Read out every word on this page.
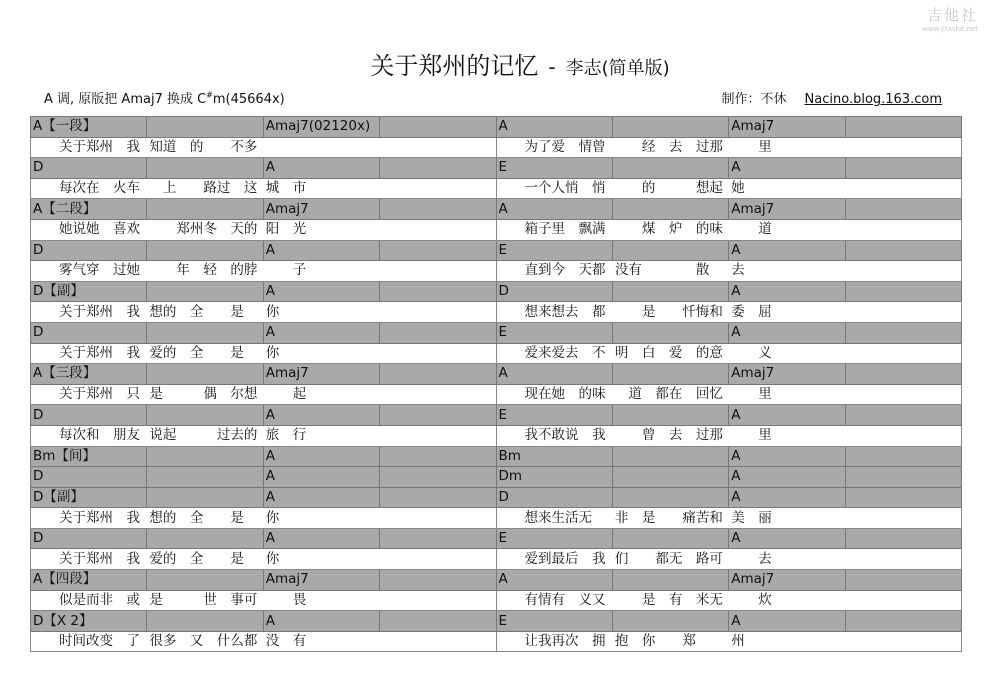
吉他社
www.jitashe.net
关于郑州的记忆 - 李志(简单版)
A 调, 原版把 Amaj7 换成 C#m(45664x)	制作：不休 Nacino.blog.163.com
A【一段】		Amaj7(02120x)		A		Amaj7	
关于郑州　我	知道　的　　不多			为了爱　情曾	　　经　去　过那	　　里	
D		A		E		A	
每次在　火车	　上　　路过　这	城　市		一个人悄　悄	　　的　　　想起	她	
A【二段】		Amaj7		A		Amaj7	
她说她　喜欢	　　郑州冬　天的	阳　光		箱子里　飘满	　　煤　炉　的味	　　道	
D		A		E		A	
雾气穿　过她	　　年　轻　的脖	　　子		直到今　天都	没有　　　　散	去	
D【副】		A		D		A	
关于郑州　我	想的　全　　是	你		想来想去　都	　　是　　忏悔和	委　屈	
D		A		E		A	
关于郑州　我	爱的　全　　是	你		爱来爱去　不	明　白　爱　的意	　　义	
A【三段】		Amaj7		A		Amaj7	
关于郑州　只	是　　　偶　尔想	　　起		现在她　的味	　道　都在　回忆	　　里	
D		A		E		A	
每次和　朋友	说起　　　过去的	旅　行		我不敢说　我	　　曾　去　过那	　　里	
Bm【间】		A		Bm		A	
D		A		Dm		A	
D【副】		A		D		A	
关于郑州　我	想的　全　　是	你		想来生活无	非　是　　痛苦和	美　丽	
D		A		E		A	
关于郑州　我	爱的　全　　是	你		爱到最后　我	们　　都无　路可	　　去	
A【四段】		Amaj7		A		Amaj7	
似是而非　或	是　　　世　事可	　　畏		有情有　义又	　　是　有　米无	　　炊	
D【X 2】		A		E		A	
时间改变　了	很多　又　什么都	没　有		让我再次　拥	抱　你　　郑	州	
